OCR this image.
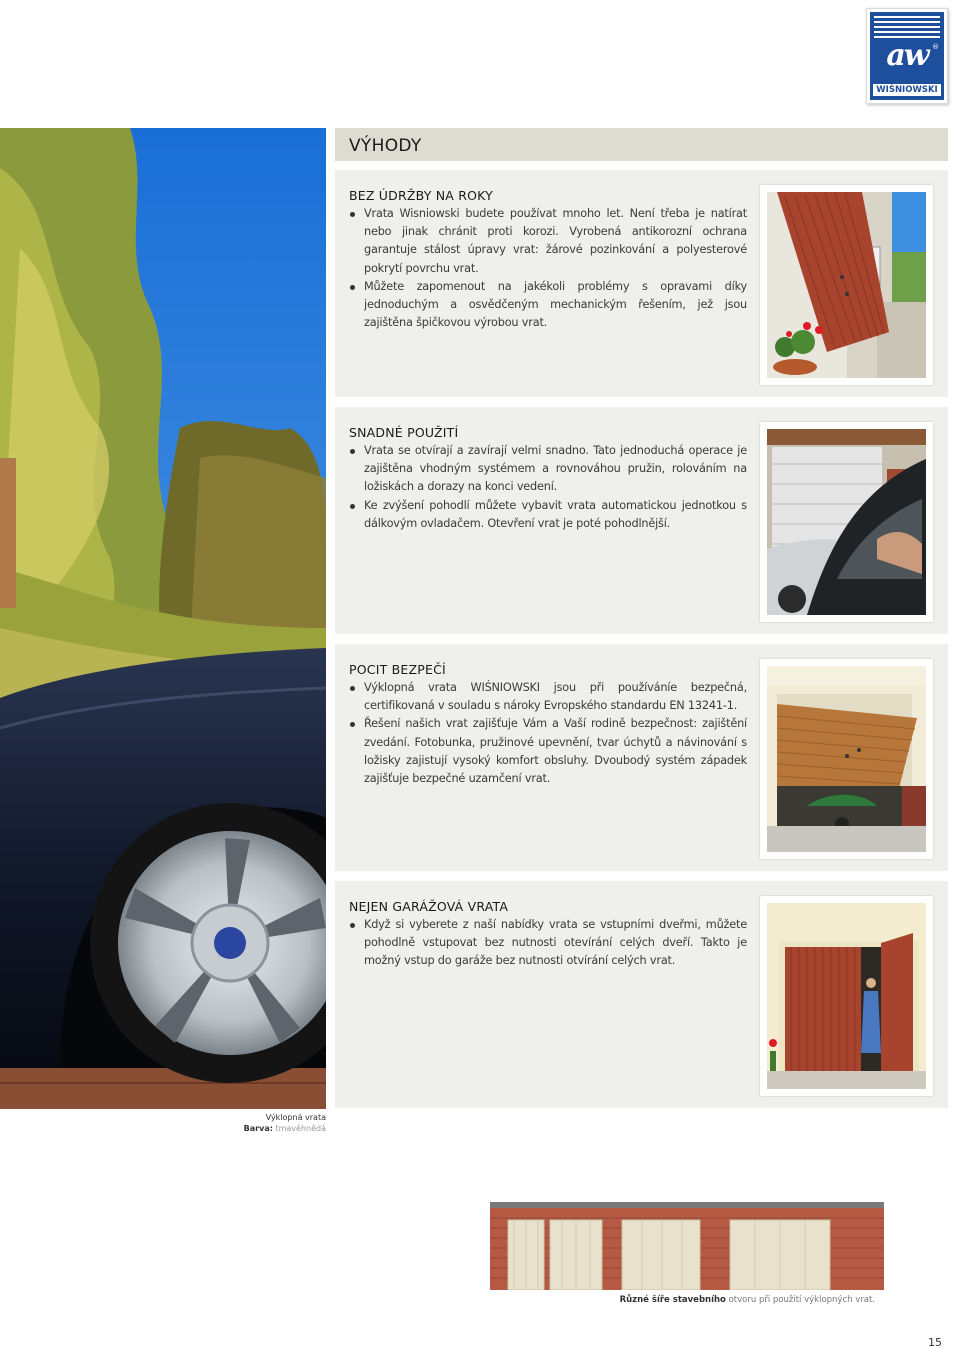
aw ®
WIŚNIOWSKI
Výklopná vrata
Barva: tmavěhnědá
VÝHODY
BEZ ÚDRŽBY NA ROKY
Vrata Wisniowski budete používat mnoho let. Není třeba je natírat nebo jinak chránit proti korozi. Vyrobená antikorozní ochrana garantuje stálost úpravy vrat: žárové pozinkování a polyesterové pokrytí povrchu vrat.
Můžete zapomenout na jakékoli problémy s opravami díky jednoduchým a osvědčeným mechanickým řešením, jež jsou zajištěna špičkovou výrobou vrat.
SNADNÉ POUŽITÍ
Vrata se otvírají a zavírají velmi snadno. Tato jednoduchá operace je zajištěna vhodným systémem a rovnováhou pružin, rolováním na ložiskách a dorazy na konci vedení.
Ke zvýšení pohodlí můžete vybavit vrata automatickou jednotkou s dálkovým ovladačem. Otevření vrat je poté pohodlnější.
POCIT BEZPEČÍ
Výklopná vrata WIŚNIOWSKI jsou při používáníe bezpečná, certifikovaná v souladu s nároky Evropského standardu EN 13241-1.
Řešení našich vrat zajišťuje Vám a Vaší rodině bezpečnost: zajištění zvedání. Fotobunka, pružinové upevnění, tvar úchytů a návinování s ložisky zajistují vysoký komfort obsluhy. Dvoubodý systém západek zajišťuje bezpečné uzamčení vrat.
NEJEN GARÁŽOVÁ VRATA
Když si vyberete z naší nabídky vrata se vstupními dveřmi, můžete pohodlně vstupovat bez nutnosti otevírání celých dveří. Takto je možný vstup do garáže bez nutnosti otvírání celých vrat.
Různé šíře stavebního otvoru při použití výklopných vrat.
15
